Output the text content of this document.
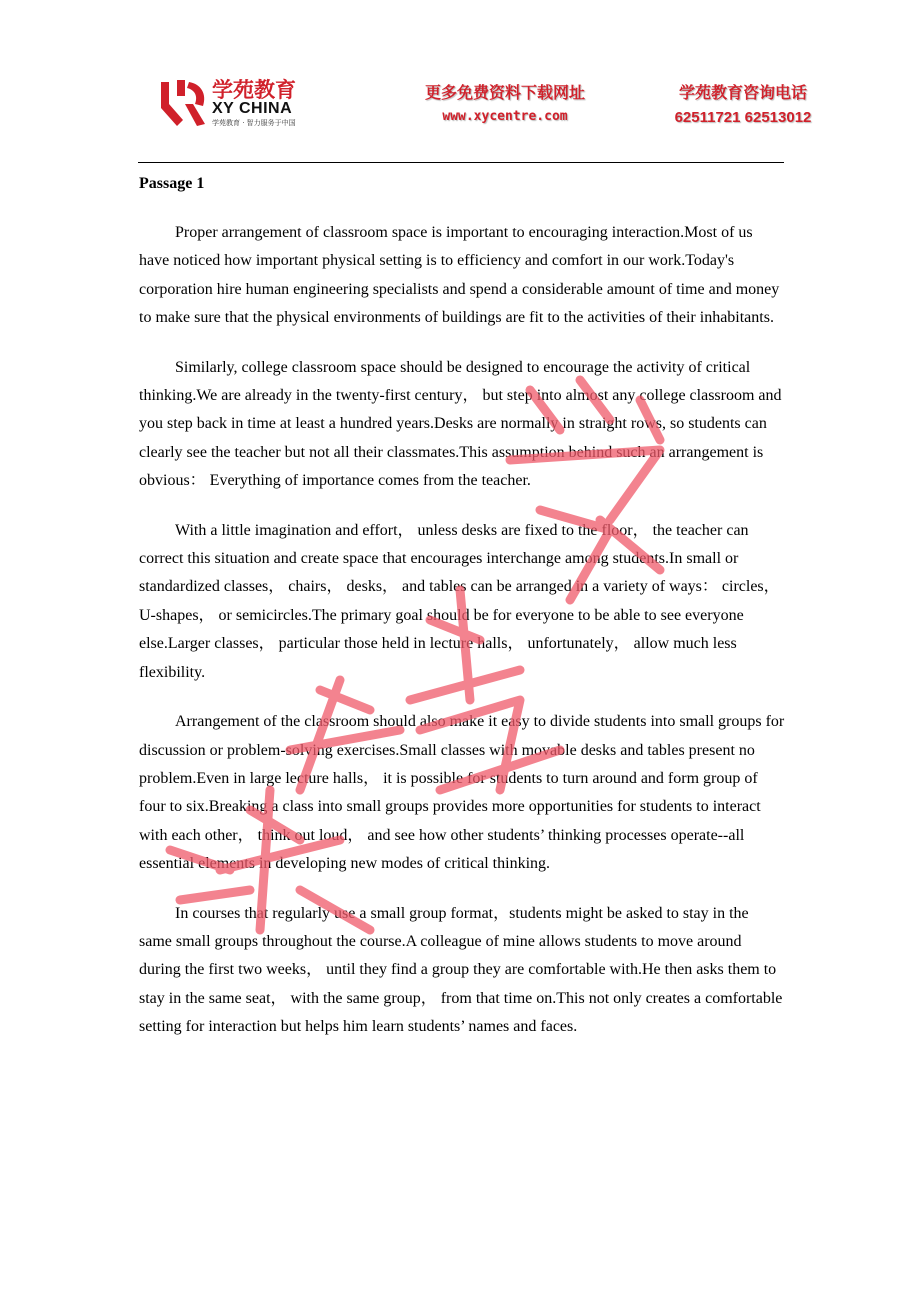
学苑教育
XY CHINA
学苑教育 · 智力服务于中国
更多免费资料下载网址
www.xycentre.com
学苑教育咨询电话
62511721 62513012
Passage 1

Proper arrangement of classroom space is important to encouraging interaction.Most of us have noticed how important physical setting is to efficiency and comfort in our work.Today's corporation hire human engineering specialists and spend a considerable amount of time and money to make sure that the physical environments of buildings are fit to the activities of their inhabitants.

Similarly, college classroom space should be designed to encourage the activity of critical thinking.We are already in the twenty-first century， but step into almost any college classroom and you step back in time at least a hundred years.Desks are normally in straight rows, so students can clearly see the teacher but not all their classmates.This assumption behind such an arrangement is obvious： Everything of importance comes from the teacher.

With a little imagination and effort， unless desks are fixed to the floor， the teacher can correct this situation and create space that encourages interchange among students.In small or standardized classes， chairs， desks， and tables can be arranged in a variety of ways： circles， U-shapes， or semicircles.The primary goal should be for everyone to be able to see everyone else.Larger classes， particular those held in lecture halls， unfortunately， allow much less flexibility.

Arrangement of the classroom should also make it easy to divide students into small groups for discussion or problem-solving exercises.Small classes with movable desks and tables present no problem.Even in large lecture halls， it is possible for students to turn around and form group of four to six.Breaking a class into small groups provides more opportunities for students to interact with each other， think out loud， and see how other students’ thinking processes operate--all essential elements in developing new modes of critical thinking.

In courses that regularly use a small group format，students might be asked to stay in the same small groups throughout the course.A colleague of mine allows students to move around during the first two weeks， until they find a group they are comfortable with.He then asks them to stay in the same seat， with the same group， from that time on.This not only creates a comfortable setting for interaction but helps him learn students’ names and faces.
